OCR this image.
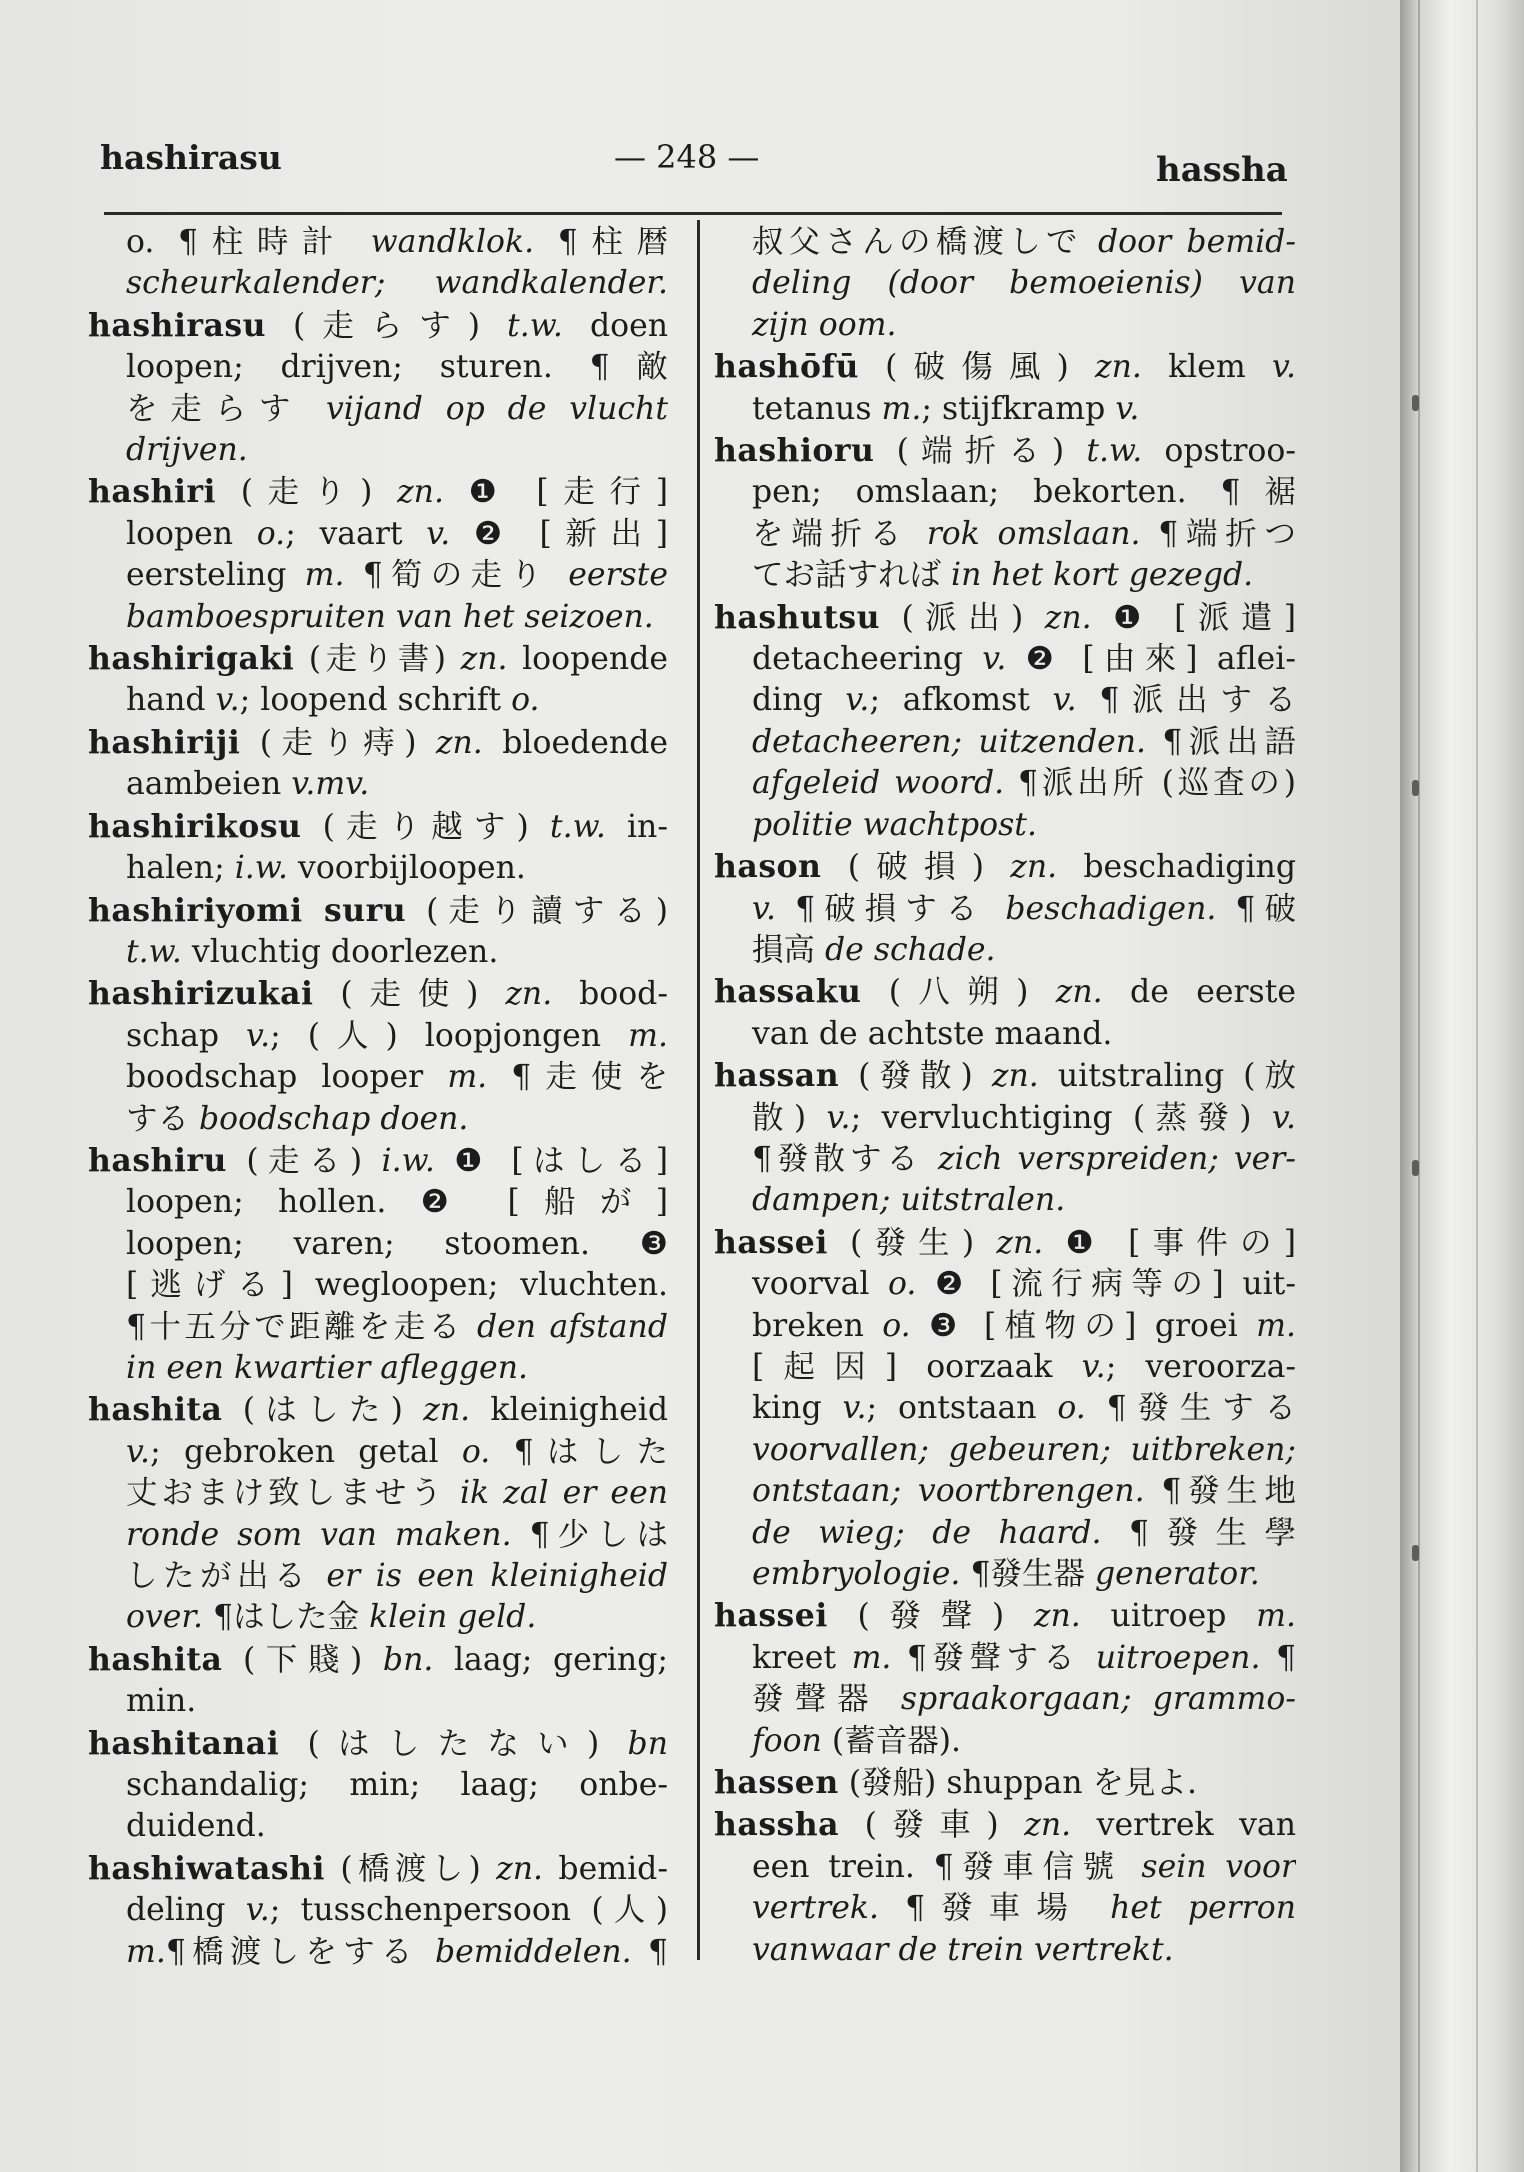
hashirasu	— 248 —	hassha
o. ¶柱時計 wandklok. ¶柱暦
scheurkalender; wandkalender.
hashirasu (走らす) t.w. doen
loopen; drijven; sturen. ¶敵
を走らす vijand op de vlucht
drijven.
hashiri (走り) zn. ❶ [走行]
loopen o.; vaart v. ❷ [新出]
eersteling m. ¶筍の走り eerste
bamboespruiten van het seizoen.
hashirigaki (走り書) zn. loopende
hand v.; loopend schrift o.
hashiriji (走り痔) zn. bloedende
aambeien v.mv.
hashirikosu (走り越す) t.w. in-
halen; i.w. voorbijloopen.
hashiriyomi suru (走り讀する)
t.w. vluchtig doorlezen.
hashirizukai (走使) zn. bood-
schap v.; (人) loopjongen m.
boodschap looper m. ¶走使を
する boodschap doen.
hashiru (走る) i.w. ❶ [はしる]
loopen; hollen. ❷ [船が]
loopen; varen; stoomen. ❸
[逃げる] wegloopen; vluchten.
¶十五分で距離を走る den afstand
in een kwartier afleggen.
hashita (はした) zn. kleinigheid
v.; gebroken getal o. ¶はした
丈おまけ致しませう ik zal er een
ronde som van maken. ¶少しは
したが出る er is een kleinigheid
over. ¶はした金 klein geld.
hashita (下賤) bn. laag; gering;
min.
hashitanai (はしたない) bn
schandalig; min; laag; onbe-
duidend.
hashiwatashi (橋渡し) zn. bemid-
deling v.; tusschenpersoon (人)
m.¶橋渡しをする bemiddelen. ¶
叔父さんの橋渡しで door bemid-
deling (door bemoeienis) van
zijn oom.
hashōfū (破傷風) zn. klem v.
tetanus m.; stijfkramp v.
hashioru (端折る) t.w. opstroo-
pen; omslaan; bekorten. ¶裾
を端折る rok omslaan. ¶端折つ
てお話すれば in het kort gezegd.
hashutsu (派出) zn. ❶ [派遣]
detacheering v. ❷ [由來] aflei-
ding v.; afkomst v. ¶派出する
detacheeren; uitzenden. ¶派出語
afgeleid woord. ¶派出所 (巡査の)
politie wachtpost.
hason (破損) zn. beschadiging
v. ¶破損する beschadigen. ¶破
損高 de schade.
hassaku (八朔) zn. de eerste
van de achtste maand.
hassan (發散) zn. uitstraling (放
散) v.; vervluchtiging (蒸發) v.
¶發散する zich verspreiden; ver-
dampen; uitstralen.
hassei (發生) zn. ❶ [事件の]
voorval o. ❷ [流行病等の] uit-
breken o. ❸ [植物の] groei m.
[起因] oorzaak v.; veroorza-
king v.; ontstaan o. ¶發生する
voorvallen; gebeuren; uitbreken;
ontstaan; voortbrengen. ¶發生地
de wieg; de haard. ¶發生學
embryologie. ¶發生器 generator.
hassei (發聲) zn. uitroep m.
kreet m. ¶發聲する uitroepen. ¶
發聲器 spraakorgaan; grammo-
foon (蓄音器).
hassen (發船) shuppan を見よ.
hassha (發車) zn. vertrek van
een trein. ¶發車信號 sein voor
vertrek. ¶發車場 het perron
vanwaar de trein vertrekt.
